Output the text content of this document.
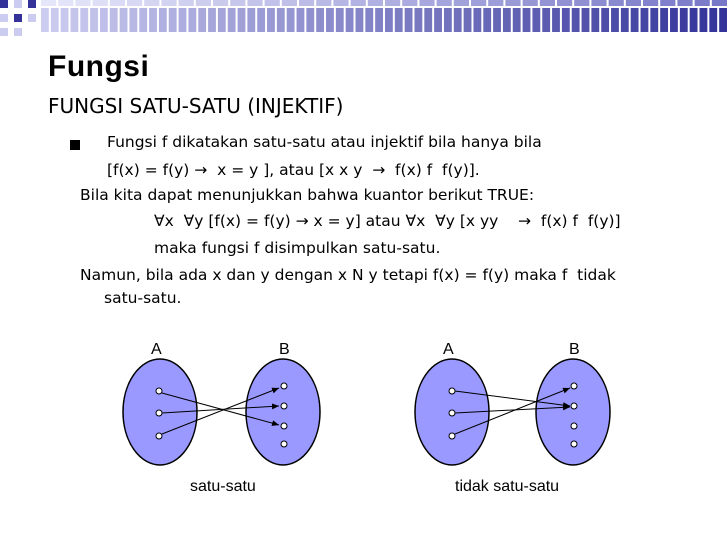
Fungsi
FUNGSI SATU-SATU (INJEKTIF)
Fungsi f dikatakan satu-satu atau injektif bila hanya bila
[f(x) = f(y) →  x = y ], atau [x x y  →  f(x) f  f(y)].
Bila kita dapat menunjukkan bahwa kuantor berikut TRUE:
∀x  ∀y [f(x) = f(y) → x = y] atau ∀x  ∀y [x yy    →  f(x) f  f(y)]
maka fungsi f disimpulkan satu-satu.
Namun, bila ada x dan y dengan x N y tetapi f(x) = f(y) maka f  tidak
satu-satu.
A	B	A	B
satu-satu	tidak satu-satu
